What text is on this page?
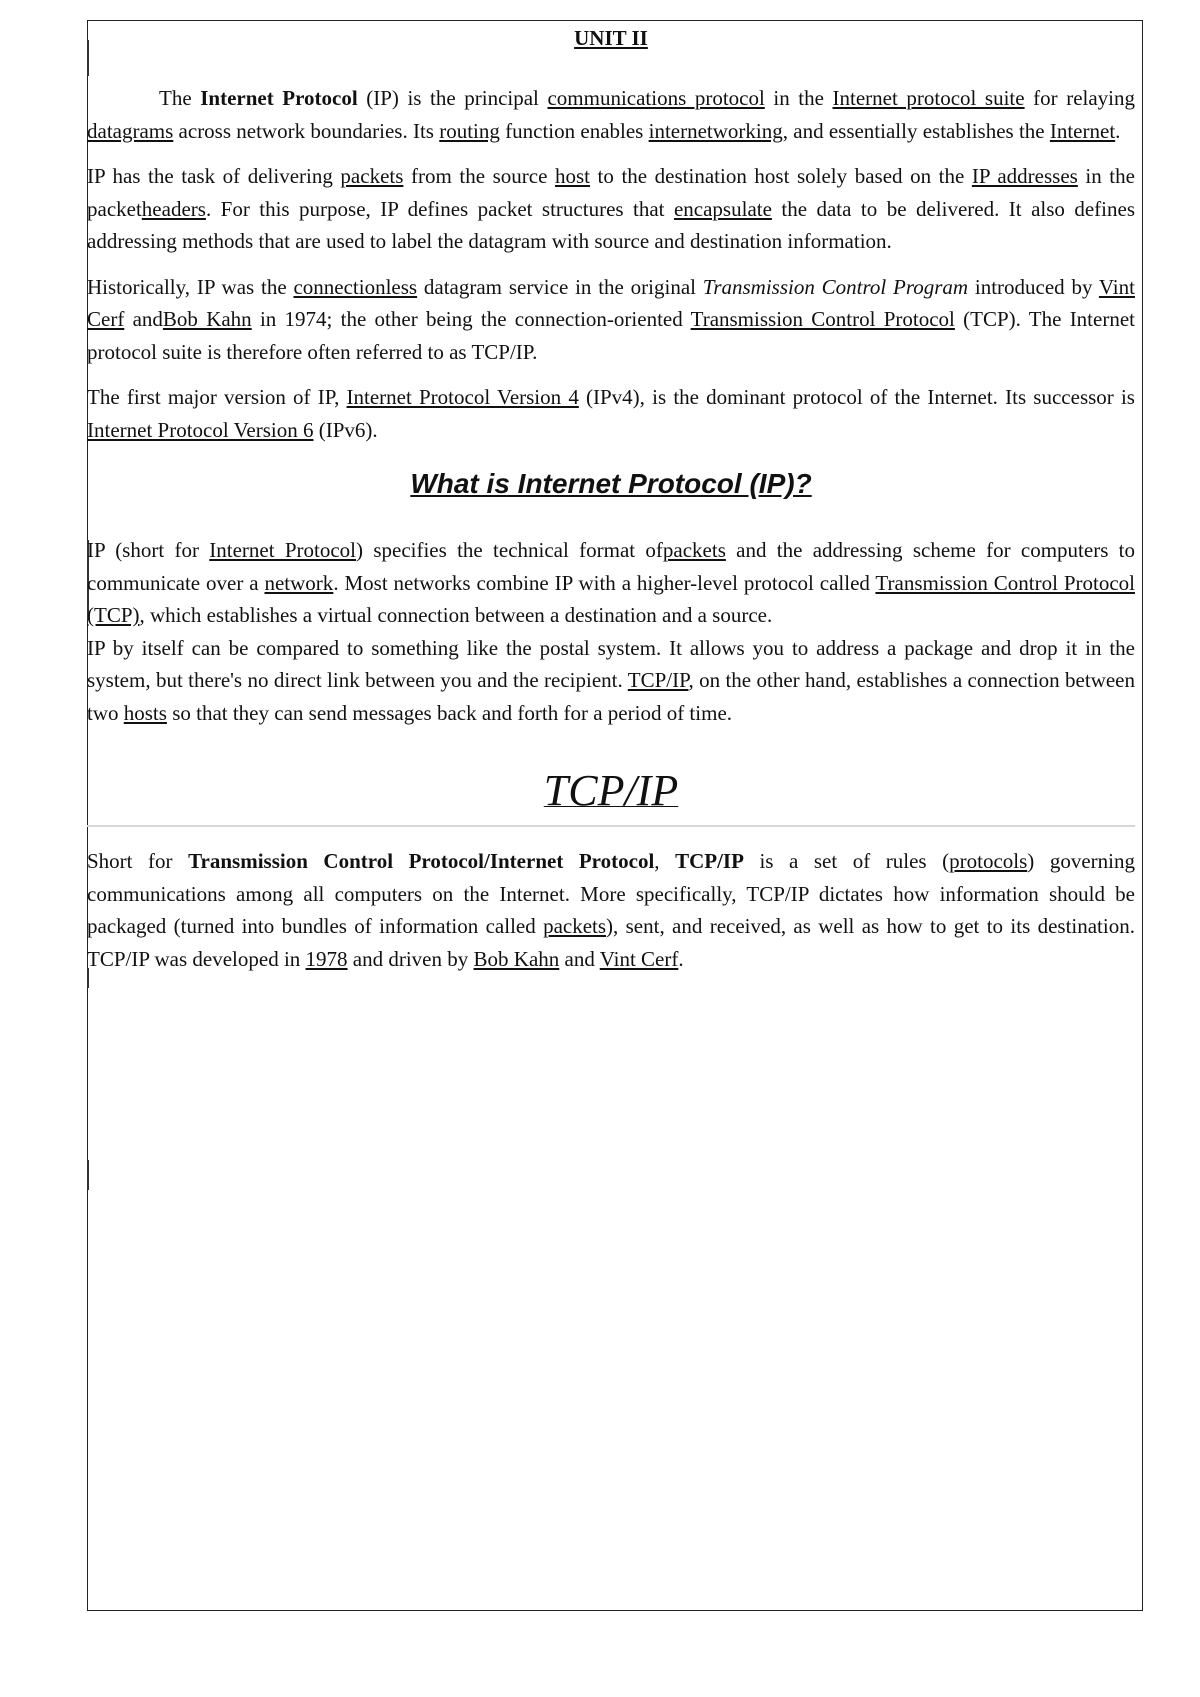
UNIT II

The Internet Protocol (IP) is the principal communications protocol in the Internet protocol suite for relaying datagrams across network boundaries. Its routing function enables internetworking, and essentially establishes the Internet.

IP has the task of delivering packets from the source host to the destination host solely based on the IP addresses in the packetheaders. For this purpose, IP defines packet structures that encapsulate the data to be delivered. It also defines addressing methods that are used to label the datagram with source and destination information.

Historically, IP was the connectionless datagram service in the original Transmission Control Program introduced by Vint Cerf andBob Kahn in 1974; the other being the connection-oriented Transmission Control Protocol (TCP). The Internet protocol suite is therefore often referred to as TCP/IP.

The first major version of IP, Internet Protocol Version 4 (IPv4), is the dominant protocol of the Internet. Its successor is Internet Protocol Version 6 (IPv6).

What is Internet Protocol (IP)?

IP (short for Internet Protocol) specifies the technical format ofpackets and the addressing scheme for computers to communicate over a network. Most networks combine IP with a higher-level protocol called Transmission Control Protocol (TCP), which establishes a virtual connection between a destination and a source.

IP by itself can be compared to something like the postal system. It allows you to address a package and drop it in the system, but there's no direct link between you and the recipient. TCP/IP, on the other hand, establishes a connection between two hosts so that they can send messages back and forth for a period of time.

TCP/IP

Short for Transmission Control Protocol/Internet Protocol, TCP/IP is a set of rules (protocols) governing communications among all computers on the Internet. More specifically, TCP/IP dictates how information should be packaged (turned into bundles of information called packets), sent, and received, as well as how to get to its destination. TCP/IP was developed in 1978 and driven by Bob Kahn and Vint Cerf.
